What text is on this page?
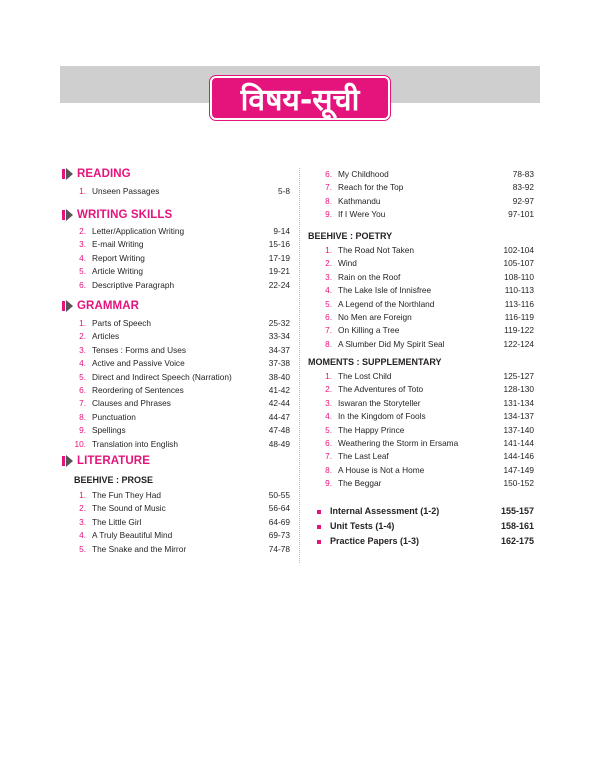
विषय-सूची
READING
1. Unseen Passages	5-8
WRITING SKILLS
2. Letter/Application Writing	9-14
3. E-mail Writing	15-16
4. Report Writing	17-19
5. Article Writing	19-21
6. Descriptive Paragraph	22-24
GRAMMAR
1. Parts of Speech	25-32
2. Articles	33-34
3. Tenses : Forms and Uses	34-37
4. Active and Passive Voice	37-38
5. Direct and Indirect Speech (Narration)	38-40
6. Reordering of Sentences	41-42
7. Clauses and Phrases	42-44
8. Punctuation	44-47
9. Spellings	47-48
10. Translation into English	48-49
LITERATURE
BEEHIVE : PROSE
1. The Fun They Had	50-55
2. The Sound of Music	56-64
3. The Little Girl	64-69
4. A Truly Beautiful Mind	69-73
5. The Snake and the Mirror	74-78
6. My Childhood	78-83
7. Reach for the Top	83-92
8. Kathmandu	92-97
9. If I Were You	97-101
BEEHIVE : POETRY
1. The Road Not Taken	102-104
2. Wind	105-107
3. Rain on the Roof	108-110
4. The Lake Isle of Innisfree	110-113
5. A Legend of the Northland	113-116
6. No Men are Foreign	116-119
7. On Killing a Tree	119-122
8. A Slumber Did My Spirit Seal	122-124
MOMENTS : SUPPLEMENTARY
1. The Lost Child	125-127
2. The Adventures of Toto	128-130
3. Iswaran the Storyteller	131-134
4. In the Kingdom of Fools	134-137
5. The Happy Prince	137-140
6. Weathering the Storm in Ersama	141-144
7. The Last Leaf	144-146
8. A House is Not a Home	147-149
9. The Beggar	150-152
Internal Assessment (1-2)	155-157
Unit Tests (1-4)	158-161
Practice Papers (1-3)	162-175
